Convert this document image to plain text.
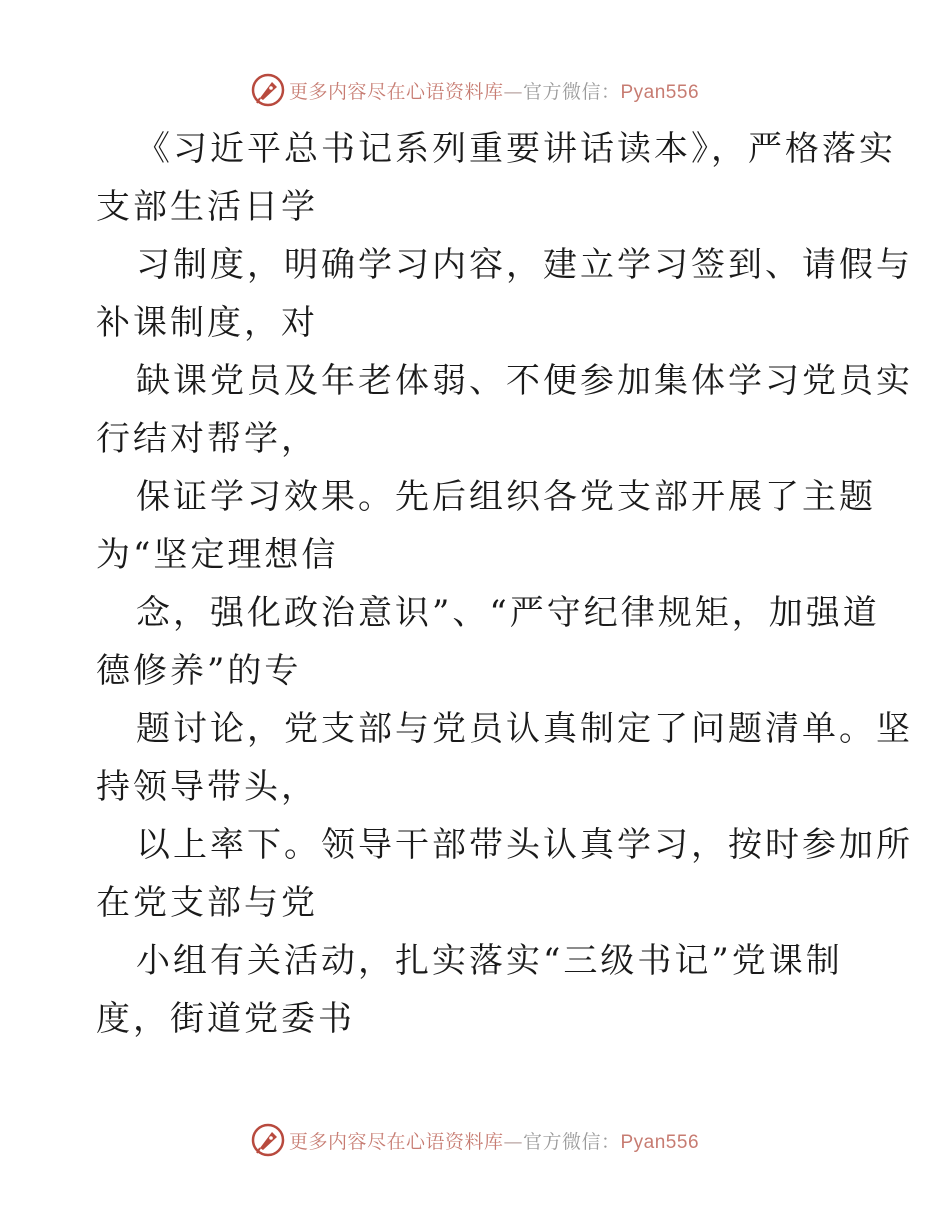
更多内容尽在心语资料库—官方微信：Pyan556
《习近平总书记系列重要讲话读本》，严格落实
支部生活日学
习制度，明确学习内容，建立学习签到、请假与
补课制度，对
缺课党员及年老体弱、不便参加集体学习党员实
行结对帮学，
保证学习效果。先后组织各党支部开展了主题
为“坚定理想信
念，强化政治意识”、“严守纪律规矩，加强道
德修养”的专
题讨论，党支部与党员认真制定了问题清单。坚
持领导带头，
以上率下。领导干部带头认真学习，按时参加所
在党支部与党
小组有关活动，扎实落实“三级书记”党课制
度，街道党委书
更多内容尽在心语资料库—官方微信：Pyan556
